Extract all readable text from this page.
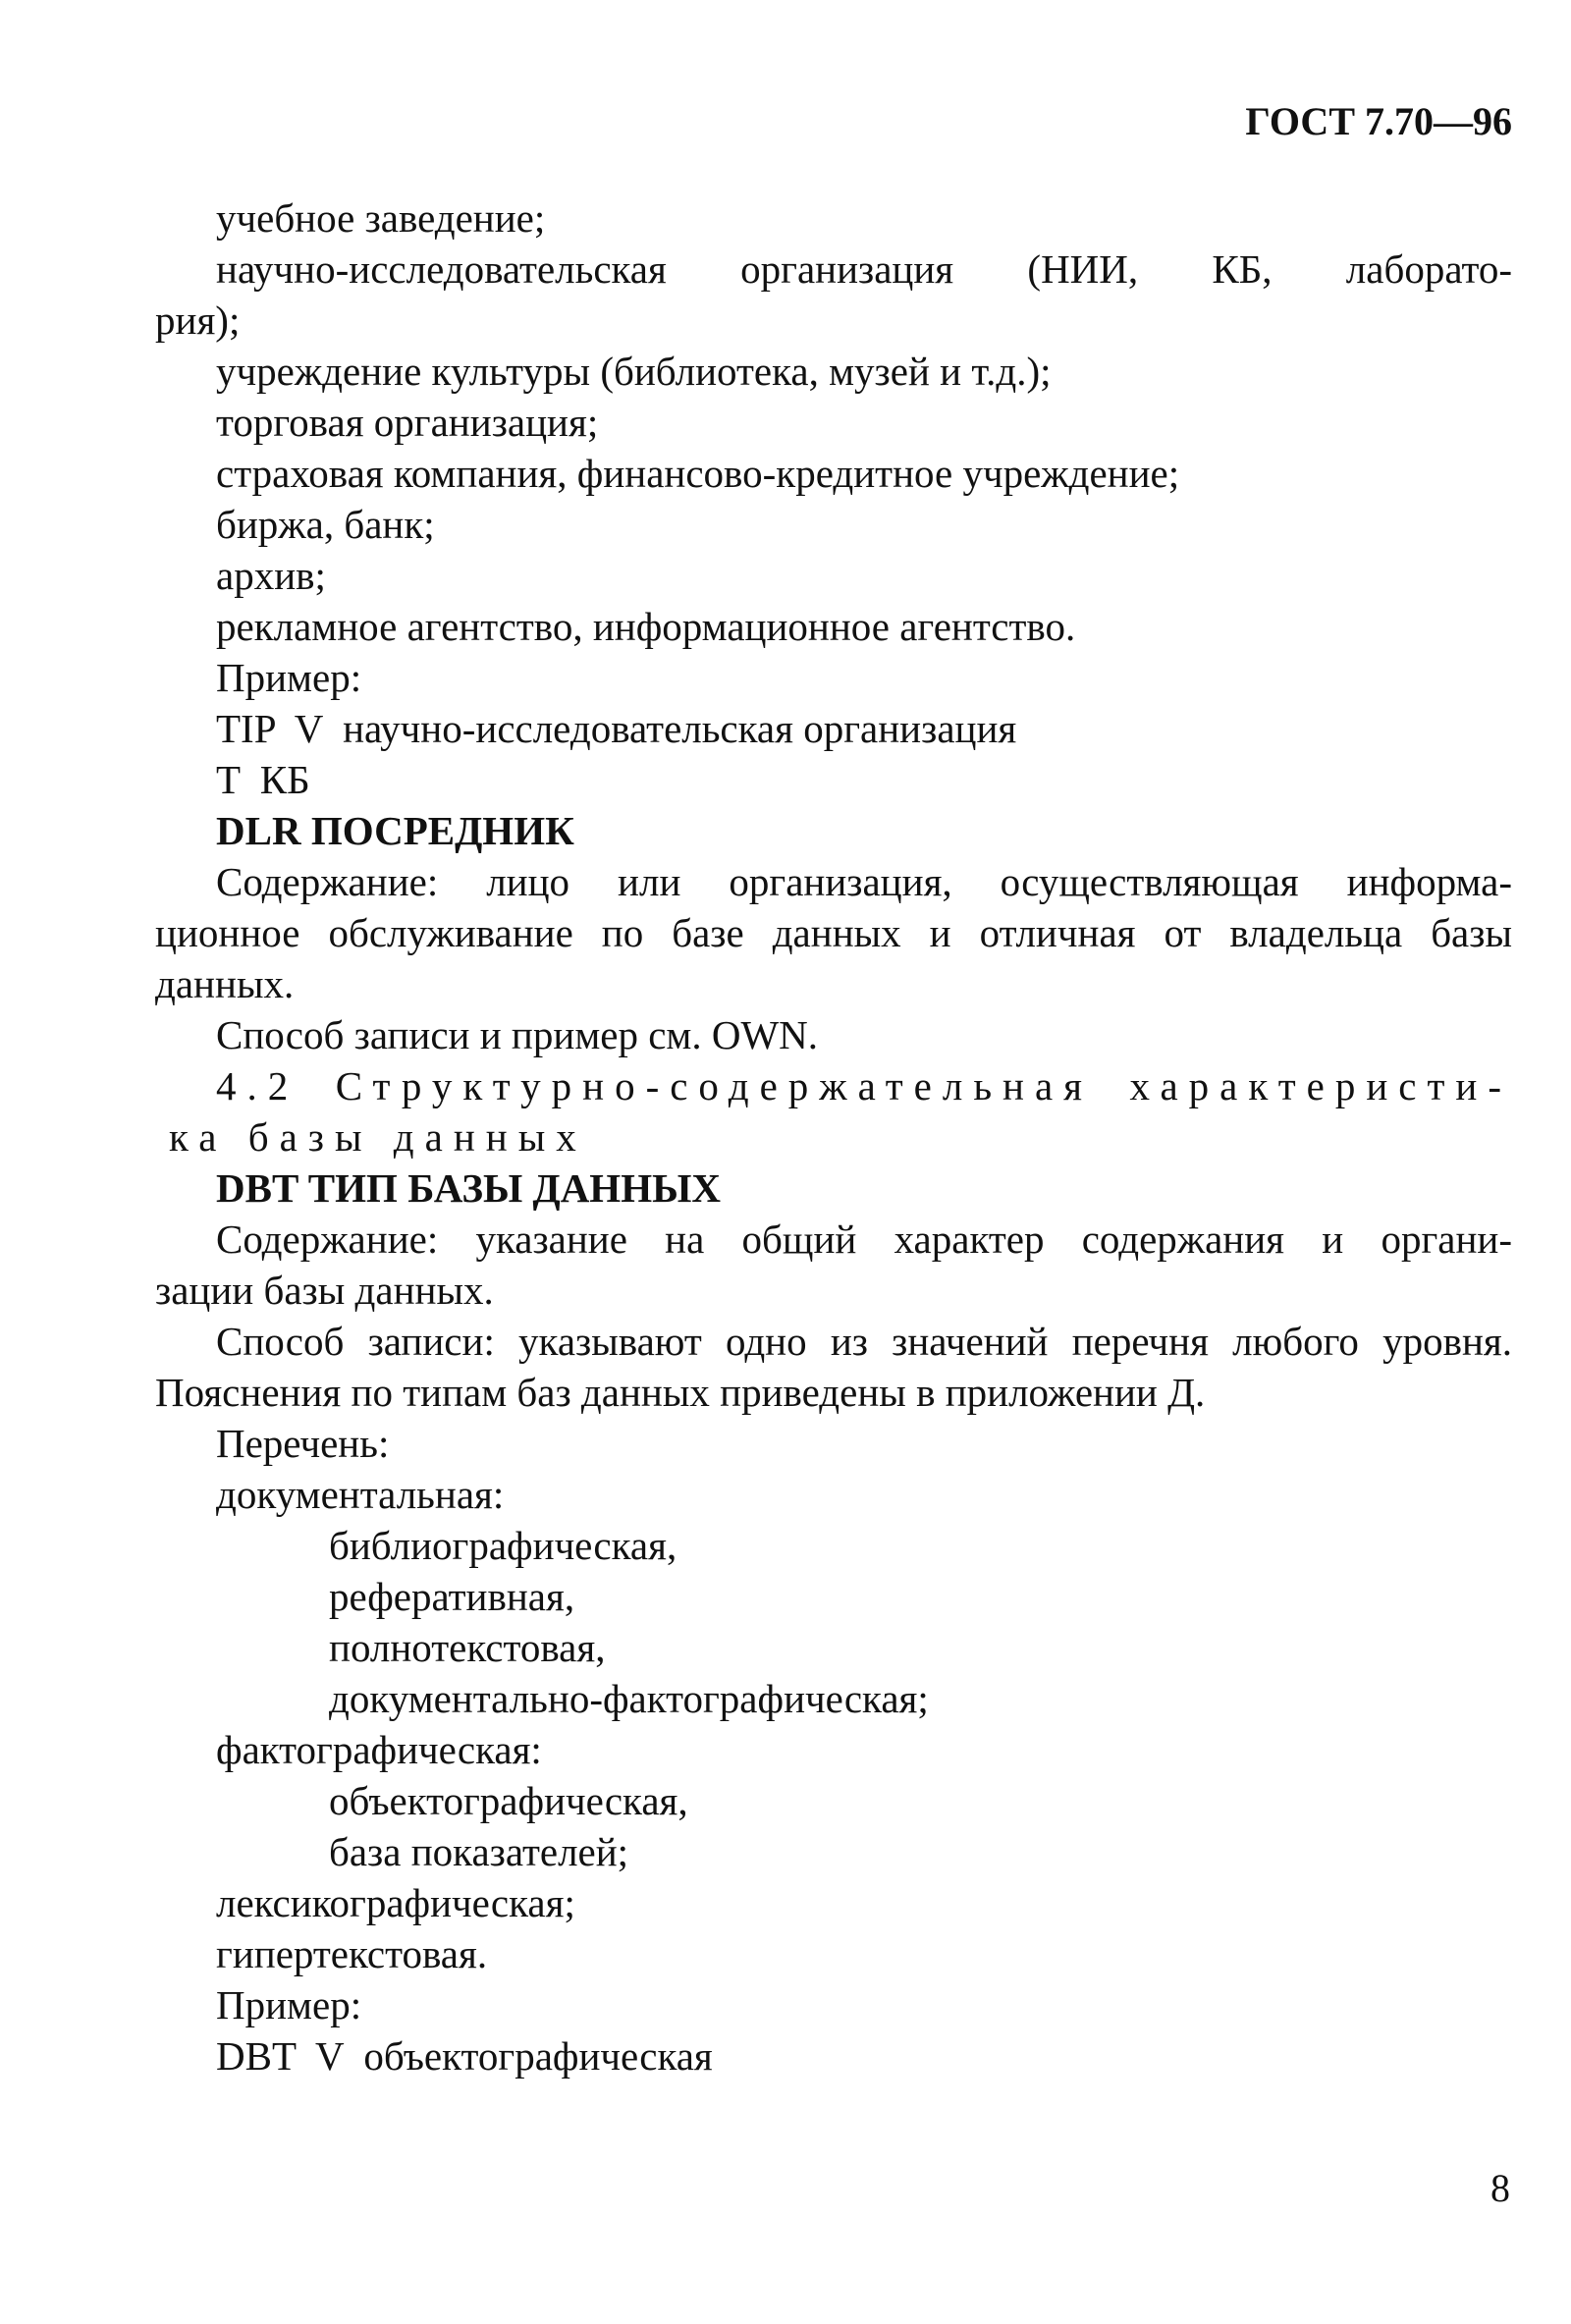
ГОСТ 7.70—96
учебное заведение;
научно-исследовательская организация (НИИ, КБ, лаборато-
рия);
учреждение культуры (библиотека, музей и т.д.);
торговая организация;
страховая компания, финансово-кредитное учреждение;
биржа, банк;
архив;
рекламное агентство, информационное агентство.
Пример:
TIP  V  научно-исследовательская организация
T  КБ
DLR ПОСРЕДНИК
Содержание: лицо или организация, осуществляющая информа-
ционное обслуживание по базе данных и отличная от владельца базы
данных.
Способ записи и пример см. OWN.
4.2 Структурно-содержательная характеристи-
ка базы данных
DBT ТИП БАЗЫ ДАННЫХ
Содержание: указание на общий характер содержания и органи-
зации базы данных.
Способ записи: указывают одно из значений перечня любого уровня.
Пояснения по типам баз данных приведены в приложении Д.
Перечень:
документальная:
библиографическая,
реферативная,
полнотекстовая,
документально-фактографическая;
фактографическая:
объектографическая,
база показателей;
лексикографическая;
гипертекстовая.
Пример:
DBT  V  объектографическая
8
